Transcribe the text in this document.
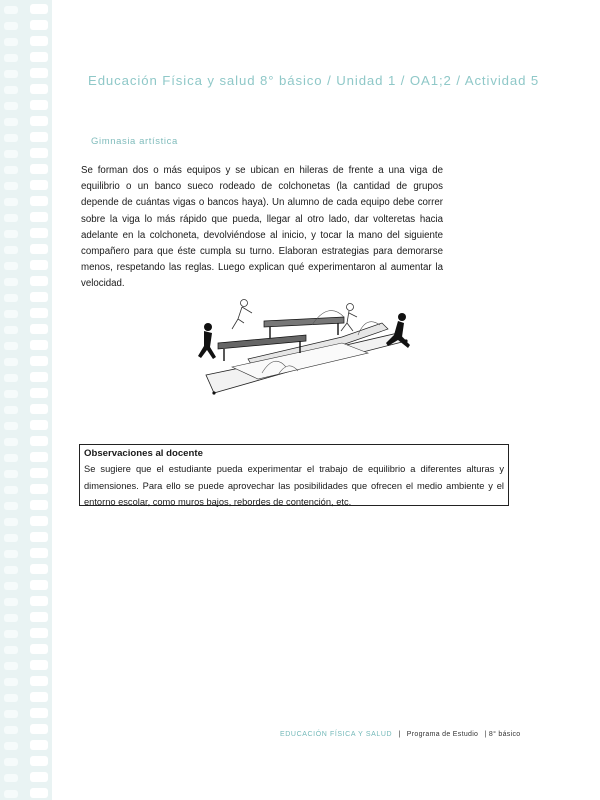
Educación Física y salud 8° básico / Unidad 1 / OA1;2 / Actividad 5
Gimnasia artística
Se forman dos o más equipos y se ubican en hileras de frente a una viga de equilibrio o un banco sueco rodeado de colchonetas (la cantidad de grupos depende de cuántas vigas o bancos haya). Un alumno de cada equipo debe correr sobre la viga lo más rápido que pueda, llegar al otro lado, dar volteretas hacia adelante en la colchoneta, devolviéndose al inicio, y tocar la mano del siguiente compañero para que éste cumpla su turno. Elaboran estrategias para demorarse menos, respetando las reglas. Luego explican qué experimentaron al aumentar la velocidad.
Observaciones al docente
Se sugiere que el estudiante pueda experimentar el trabajo de equilibrio a diferentes alturas y dimensiones. Para ello se puede aprovechar las posibilidades que ofrecen el medio ambiente y el entorno escolar, como muros bajos, rebordes de contención, etc.
EDUCACIÓN FÍSICA Y SALUD | Programa de Estudio | 8° básico
